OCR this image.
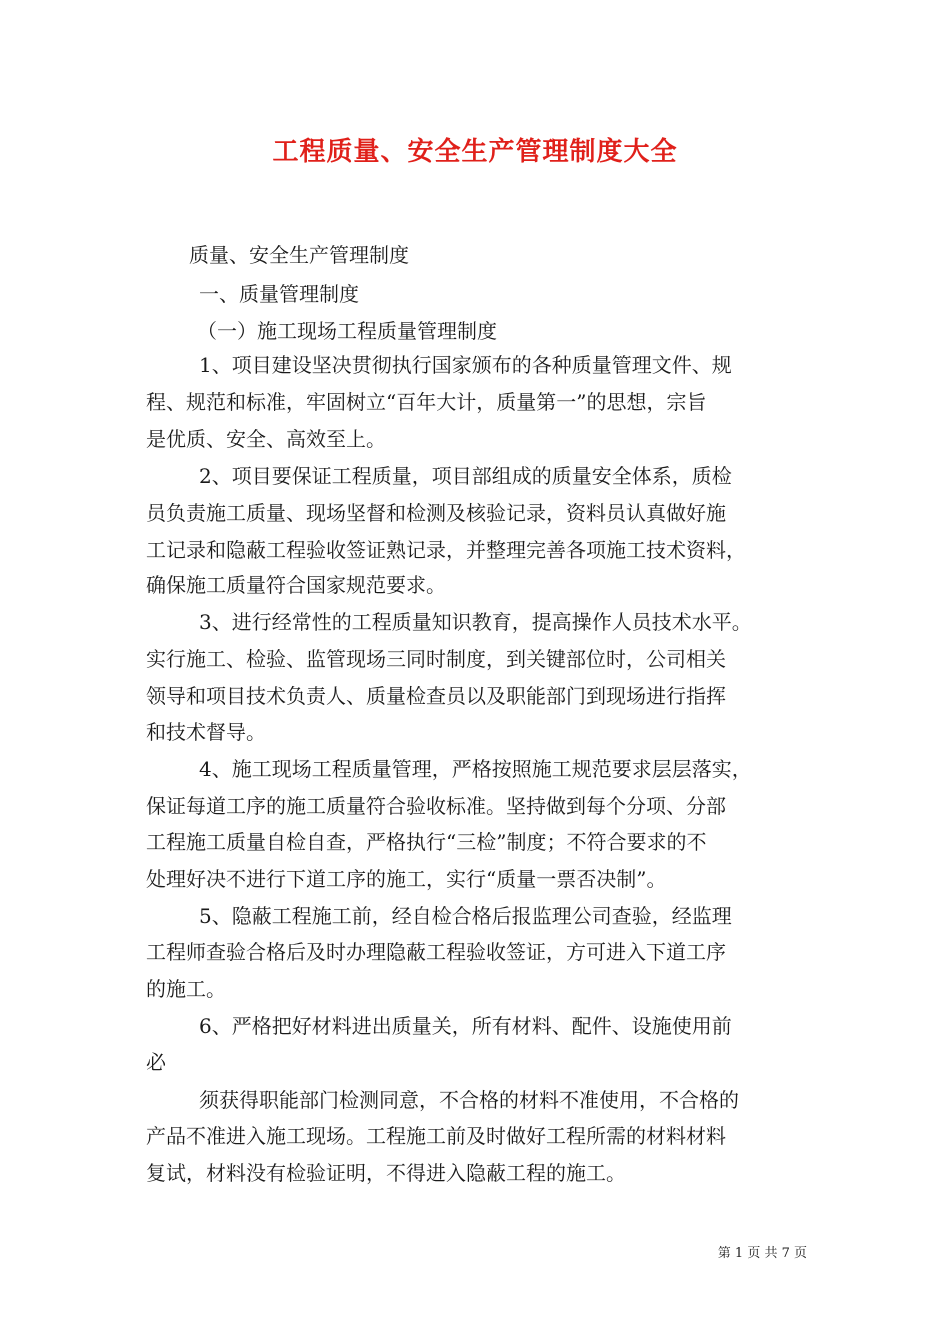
工程质量、安全生产管理制度大全
质量、安全生产管理制度
一、质量管理制度
（一）施工现场工程质量管理制度
1、项目建设坚决贯彻执行国家颁布的各种质量管理文件、规
程、规范和标准，牢固树立“百年大计，质量第一”的思想，宗旨
是优质、安全、高效至上。
2、项目要保证工程质量，项目部组成的质量安全体系，质检
员负责施工质量、现场坚督和检测及核验记录，资料员认真做好施
工记录和隐蔽工程验收签证熟记录，并整理完善各项施工技术资料，
确保施工质量符合国家规范要求。
3、进行经常性的工程质量知识教育，提高操作人员技术水平。
实行施工、检验、监管现场三同时制度，到关键部位时，公司相关
领导和项目技术负责人、质量检查员以及职能部门到现场进行指挥
和技术督导。
4、施工现场工程质量管理，严格按照施工规范要求层层落实，
保证每道工序的施工质量符合验收标准。坚持做到每个分项、分部
工程施工质量自检自查，严格执行“三检”制度；不符合要求的不
处理好决不进行下道工序的施工，实行“质量一票否决制”。
5、隐蔽工程施工前，经自检合格后报监理公司查验，经监理
工程师查验合格后及时办理隐蔽工程验收签证，方可进入下道工序
的施工。
6、严格把好材料进出质量关，所有材料、配件、设施使用前
必
须获得职能部门检测同意，不合格的材料不准使用，不合格的
产品不准进入施工现场。工程施工前及时做好工程所需的材料材料
复试，材料没有检验证明，不得进入隐蔽工程的施工。
第 1 页 共 7 页
